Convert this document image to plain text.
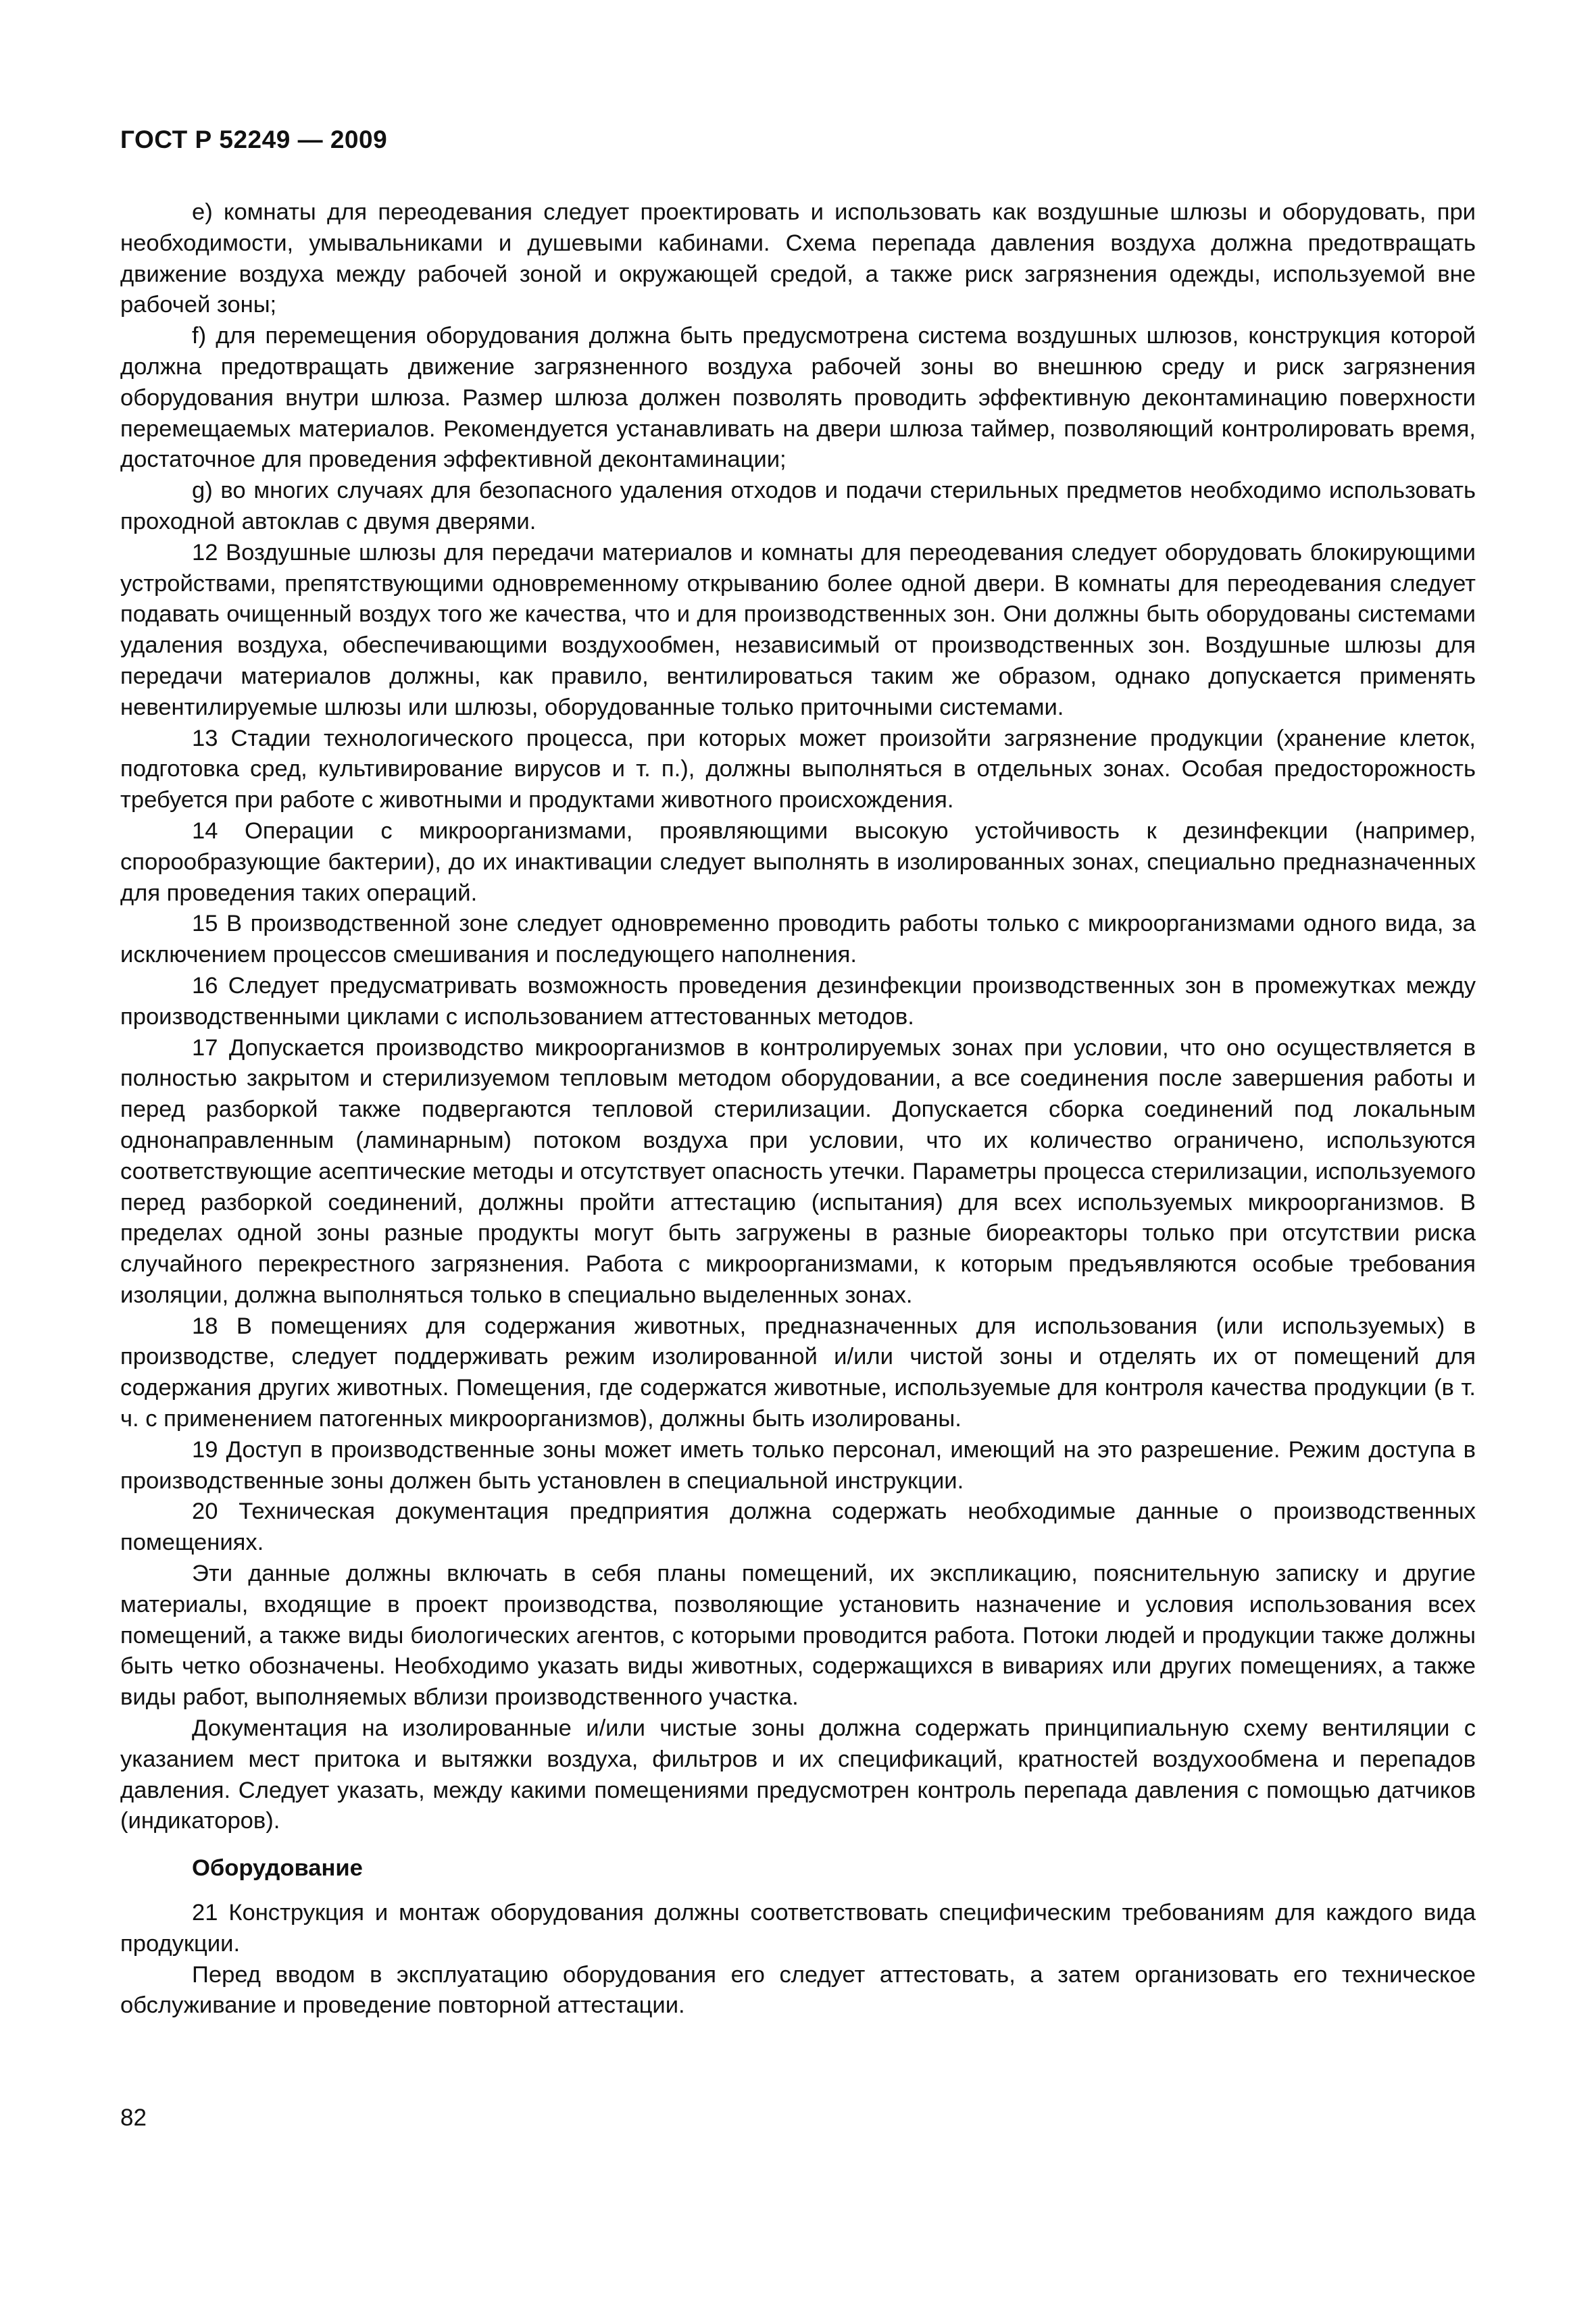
ГОСТ Р 52249 — 2009

е) комнаты для переодевания следует проектировать и использовать как воздушные шлюзы и оборудовать, при необходимости, умывальниками и душевыми кабинами. Схема перепада давления воздуха должна предотвращать движение воздуха между рабочей зоной и окружающей средой, а также риск загрязнения одежды, используемой вне рабочей зоны;

f) для перемещения оборудования должна быть предусмотрена система воздушных шлюзов, конструкция которой должна предотвращать движение загрязненного воздуха рабочей зоны во внешнюю среду и риск загрязнения оборудования внутри шлюза. Размер шлюза должен позволять проводить эффективную деконтаминацию поверхности перемещаемых материалов. Рекомендуется устанавливать на двери шлюза таймер, позволяющий контролировать время, достаточное для проведения эффективной деконтаминации;

g) во многих случаях для безопасного удаления отходов и подачи стерильных предметов необходимо использовать проходной автоклав с двумя дверями.

12 Воздушные шлюзы для передачи материалов и комнаты для переодевания следует оборудовать блокирующими устройствами, препятствующими одновременному открыванию более одной двери. В комнаты для переодевания следует подавать очищенный воздух того же качества, что и для производственных зон. Они должны быть оборудованы системами удаления воздуха, обеспечивающими воздухообмен, независимый от производственных зон. Воздушные шлюзы для передачи материалов должны, как правило, вентилироваться таким же образом, однако допускается применять невентилируемые шлюзы или шлюзы, оборудованные только приточными системами.

13 Стадии технологического процесса, при которых может произойти загрязнение продукции (хранение клеток, подготовка сред, культивирование вирусов и т. п.), должны выполняться в отдельных зонах. Особая предосторожность требуется при работе с животными и продуктами животного происхождения.

14 Операции с микроорганизмами, проявляющими высокую устойчивость к дезинфекции (например, спорообразующие бактерии), до их инактивации следует выполнять в изолированных зонах, специально предназначенных для проведения таких операций.

15 В производственной зоне следует одновременно проводить работы только с микроорганизмами одного вида, за исключением процессов смешивания и последующего наполнения.

16 Следует предусматривать возможность проведения дезинфекции производственных зон в промежутках между производственными циклами с использованием аттестованных методов.

17 Допускается производство микроорганизмов в контролируемых зонах при условии, что оно осуществляется в полностью закрытом и стерилизуемом тепловым методом оборудовании, а все соединения после завершения работы и перед разборкой также подвергаются тепловой стерилизации. Допускается сборка соединений под локальным однонаправленным (ламинарным) потоком воздуха при условии, что их количество ограничено, используются соответствующие асептические методы и отсутствует опасность утечки. Параметры процесса стерилизации, используемого перед разборкой соединений, должны пройти аттестацию (испытания) для всех используемых микроорганизмов. В пределах одной зоны разные продукты могут быть загружены в разные биореакторы только при отсутствии риска случайного перекрестного загрязнения. Работа с микроорганизмами, к которым предъявляются особые требования изоляции, должна выполняться только в специально выделенных зонах.

18 В помещениях для содержания животных, предназначенных для использования (или используемых) в производстве, следует поддерживать режим изолированной и/или чистой зоны и отделять их от помещений для содержания других животных. Помещения, где содержатся животные, используемые для контроля качества продукции (в т. ч. с применением патогенных микроорганизмов), должны быть изолированы.

19 Доступ в производственные зоны может иметь только персонал, имеющий на это разрешение. Режим доступа в производственные зоны должен быть установлен в специальной инструкции.

20 Техническая документация предприятия должна содержать необходимые данные о производственных помещениях.

Эти данные должны включать в себя планы помещений, их экспликацию, пояснительную записку и другие материалы, входящие в проект производства, позволяющие установить назначение и условия использования всех помещений, а также виды биологических агентов, с которыми проводится работа. Потоки людей и продукции также должны быть четко обозначены. Необходимо указать виды животных, содержащихся в вивариях или других помещениях, а также виды работ, выполняемых вблизи производственного участка.

Документация на изолированные и/или чистые зоны должна содержать принципиальную схему вентиляции с указанием мест притока и вытяжки воздуха, фильтров и их спецификаций, кратностей воздухообмена и перепадов давления. Следует указать, между какими помещениями предусмотрен контроль перепада давления с помощью датчиков (индикаторов).

Оборудование

21 Конструкция и монтаж оборудования должны соответствовать специфическим требованиям для каждого вида продукции.

Перед вводом в эксплуатацию оборудования его следует аттестовать, а затем организовать его техническое обслуживание и проведение повторной аттестации.

82
